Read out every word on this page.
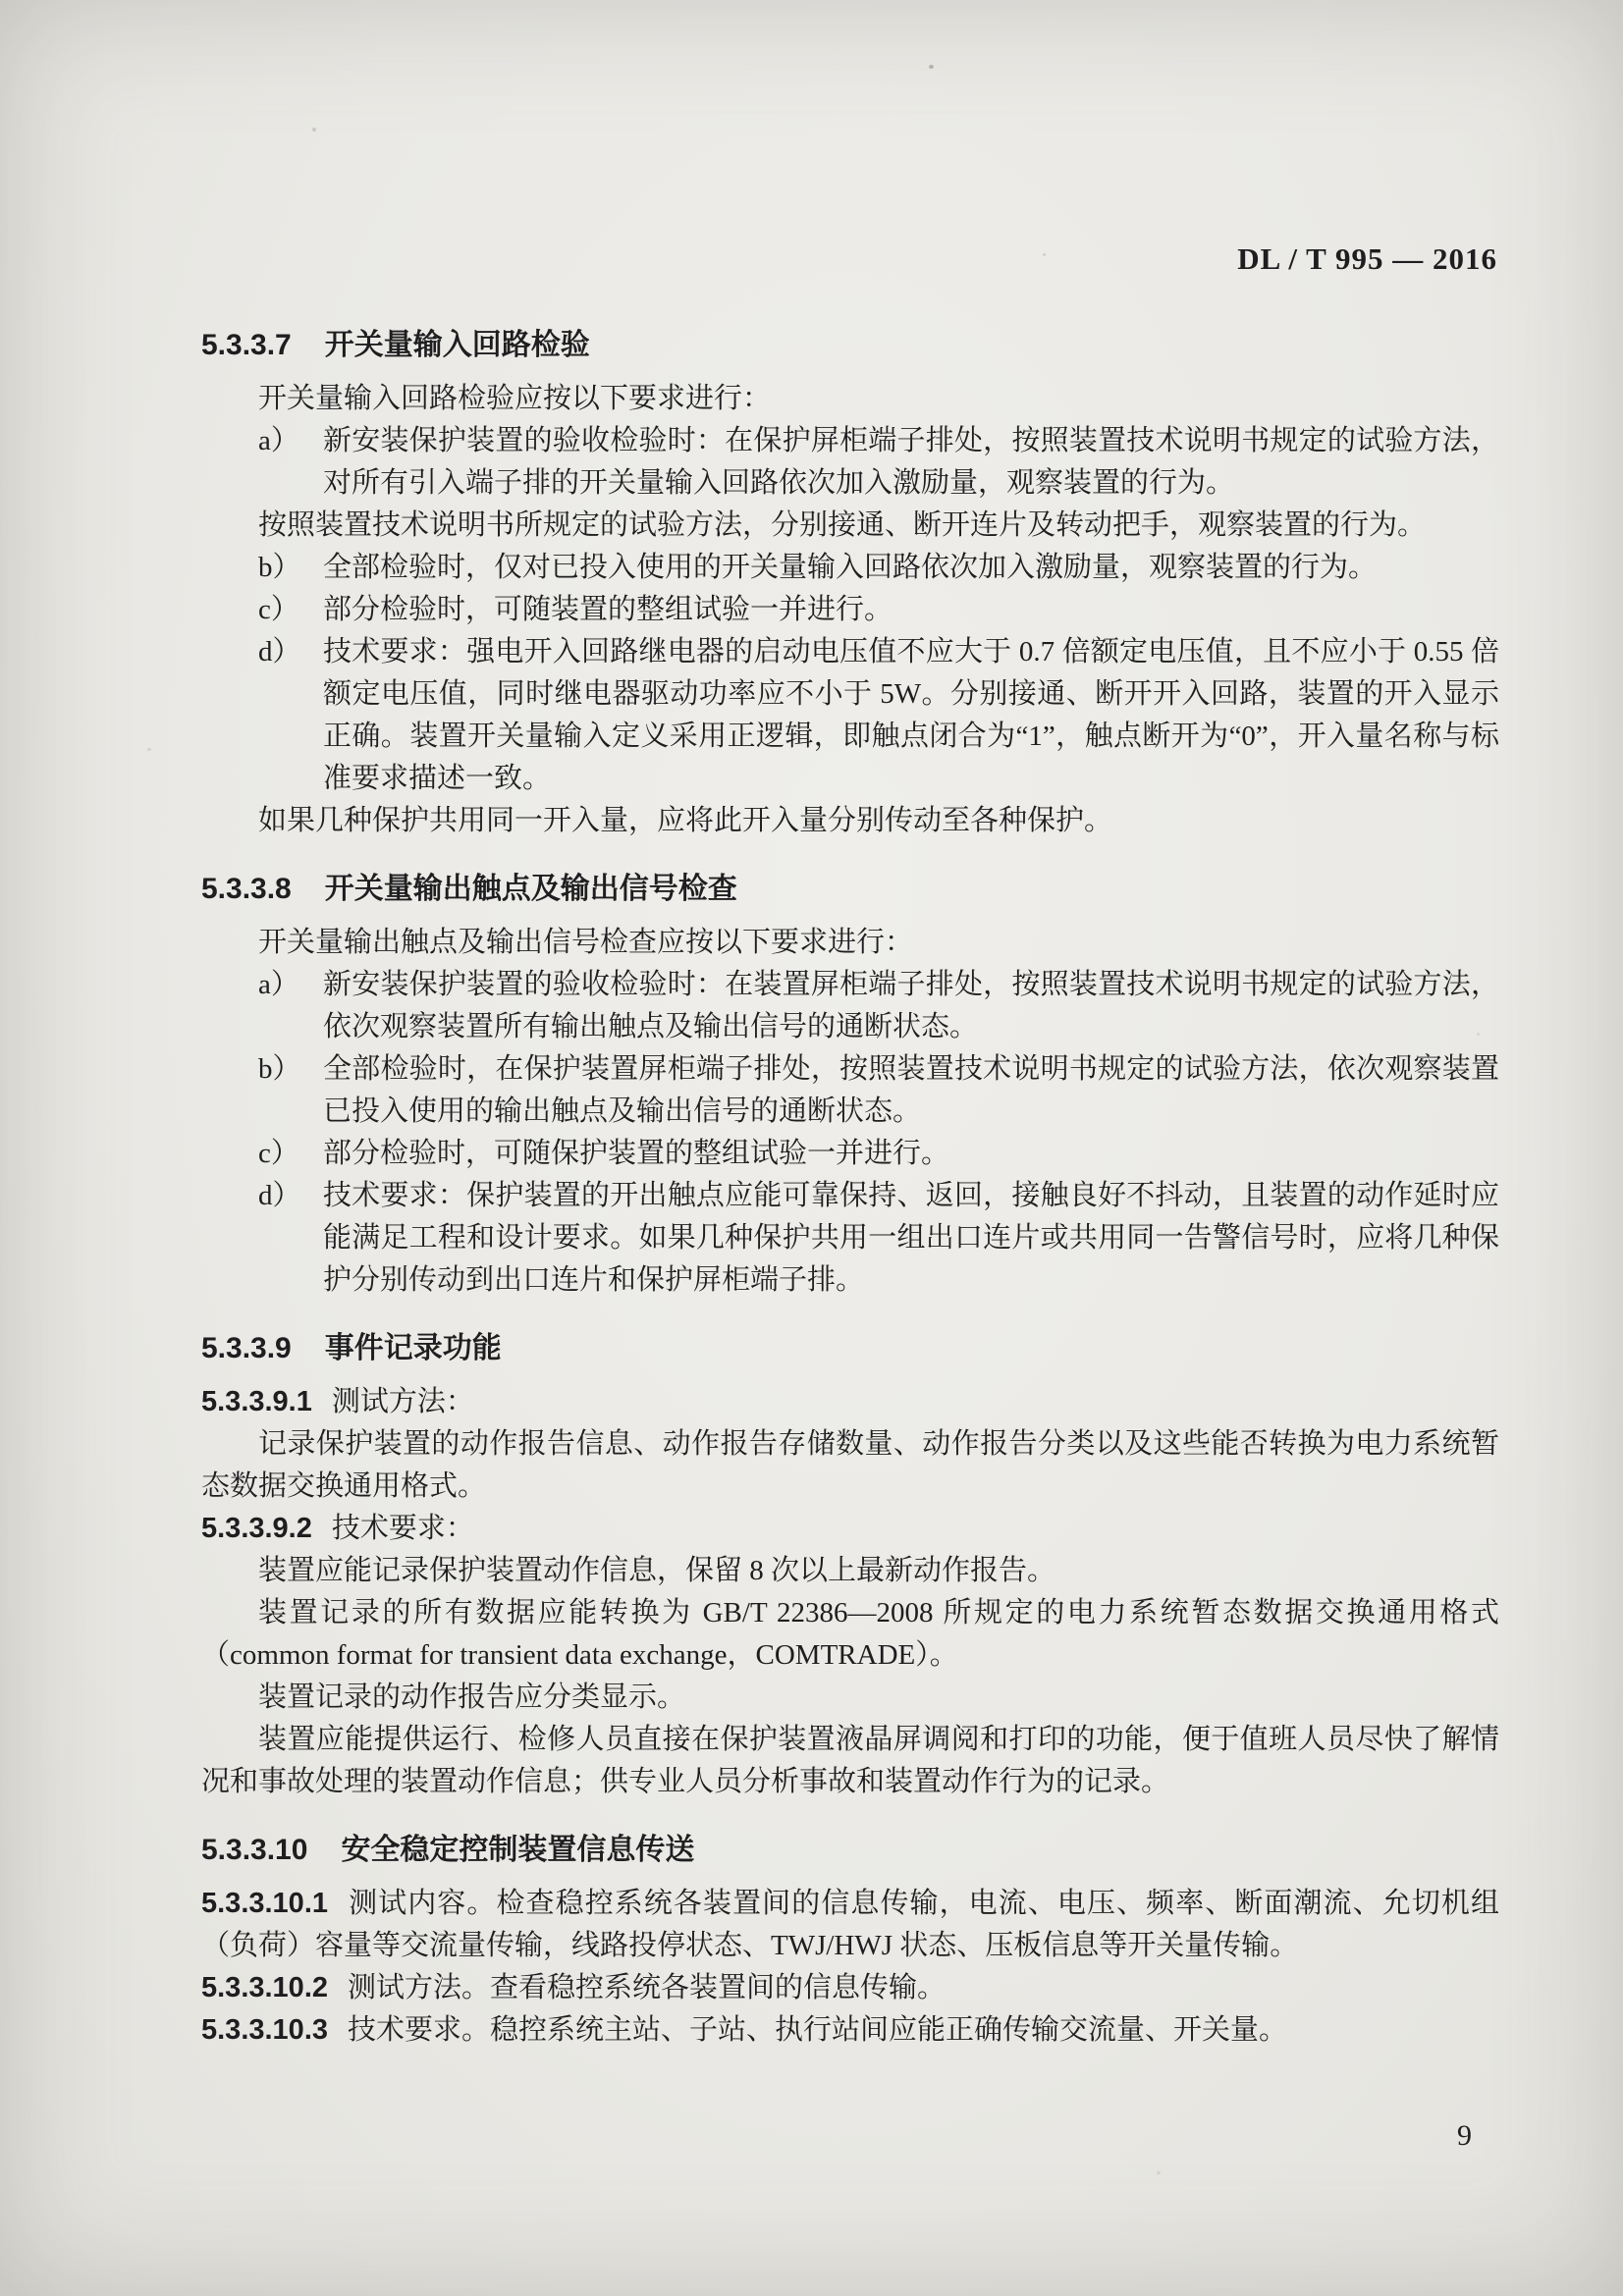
DL / T 995 — 2016
5.3.3.7 开关量输入回路检验

开关量输入回路检验应按以下要求进行：

a） 新安装保护装置的验收检验时：在保护屏柜端子排处，按照装置技术说明书规定的试验方法，对所有引入端子排的开关量输入回路依次加入激励量，观察装置的行为。

按照装置技术说明书所规定的试验方法，分别接通、断开连片及转动把手，观察装置的行为。

b） 全部检验时，仅对已投入使用的开关量输入回路依次加入激励量，观察装置的行为。
c） 部分检验时，可随装置的整组试验一并进行。
d） 技术要求：强电开入回路继电器的启动电压值不应大于 0.7 倍额定电压值，且不应小于 0.55 倍额定电压值，同时继电器驱动功率应不小于 5W。分别接通、断开开入回路，装置的开入显示正确。装置开关量输入定义采用正逻辑，即触点闭合为“1”，触点断开为“0”，开入量名称与标准要求描述一致。

如果几种保护共用同一开入量，应将此开入量分别传动至各种保护。

5.3.3.8 开关量输出触点及输出信号检查

开关量输出触点及输出信号检查应按以下要求进行：

a） 新安装保护装置的验收检验时：在装置屏柜端子排处，按照装置技术说明书规定的试验方法，依次观察装置所有输出触点及输出信号的通断状态。
b） 全部检验时，在保护装置屏柜端子排处，按照装置技术说明书规定的试验方法，依次观察装置已投入使用的输出触点及输出信号的通断状态。
c） 部分检验时，可随保护装置的整组试验一并进行。
d） 技术要求：保护装置的开出触点应能可靠保持、返回，接触良好不抖动，且装置的动作延时应能满足工程和设计要求。如果几种保护共用一组出口连片或共用同一告警信号时，应将几种保护分别传动到出口连片和保护屏柜端子排。
5.3.3.9 事件记录功能

5.3.3.9.1 测试方法：

记录保护装置的动作报告信息、动作报告存储数量、动作报告分类以及这些能否转换为电力系统暂态数据交换通用格式。

5.3.3.9.2 技术要求：

装置应能记录保护装置动作信息，保留 8 次以上最新动作报告。

装置记录的所有数据应能转换为 GB/T 22386—2008 所规定的电力系统暂态数据交换通用格式（common format for transient data exchange，COMTRADE）。

装置记录的动作报告应分类显示。

装置应能提供运行、检修人员直接在保护装置液晶屏调阅和打印的功能，便于值班人员尽快了解情况和事故处理的装置动作信息；供专业人员分析事故和装置动作行为的记录。

5.3.3.10 安全稳定控制装置信息传送

5.3.3.10.1 测试内容。检查稳控系统各装置间的信息传输，电流、电压、频率、断面潮流、允切机组（负荷）容量等交流量传输，线路投停状态、TWJ/HWJ 状态、压板信息等开关量传输。

5.3.3.10.2 测试方法。查看稳控系统各装置间的信息传输。

5.3.3.10.3 技术要求。稳控系统主站、子站、执行站间应能正确传输交流量、开关量。

9
